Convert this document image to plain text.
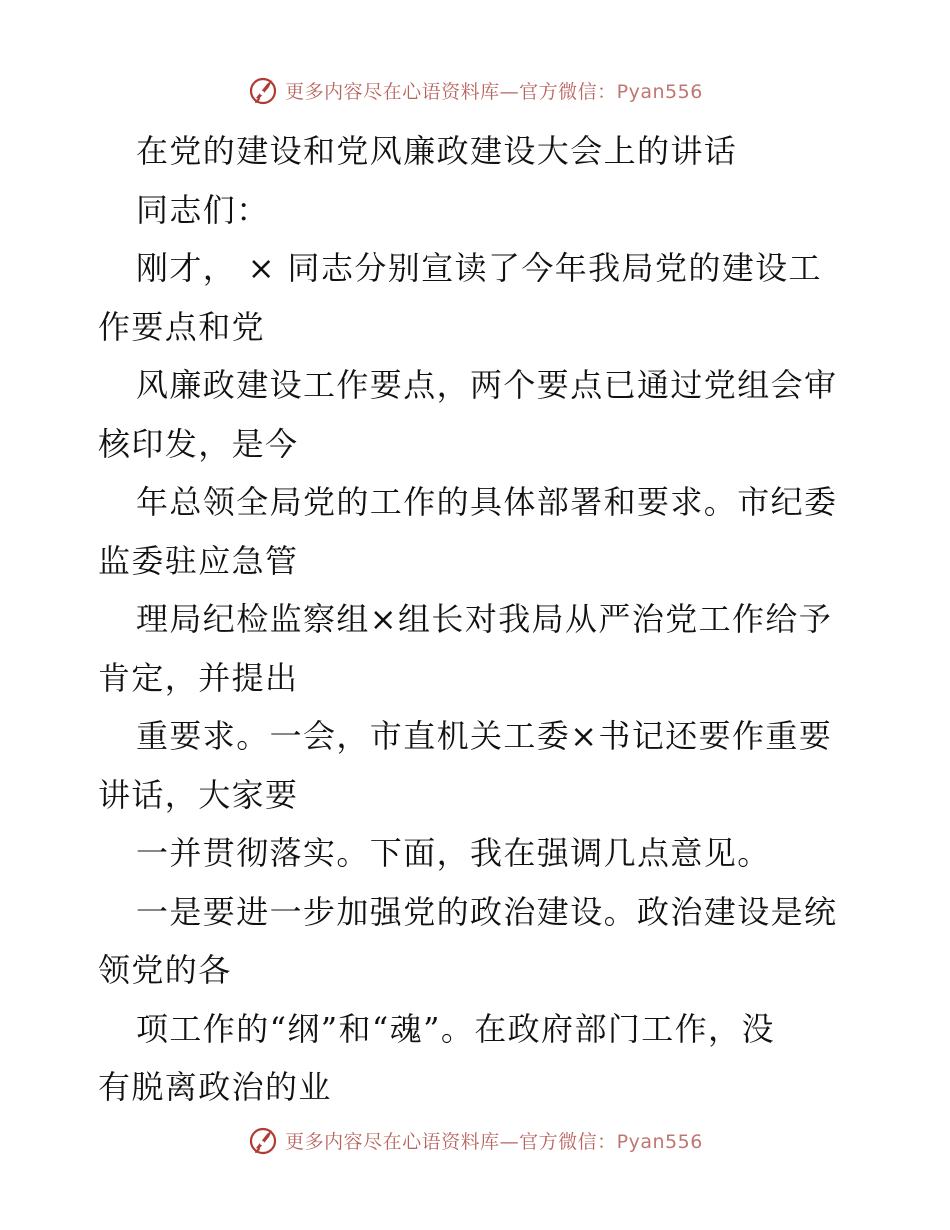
更多内容尽在心语资料库—官方微信：Pyan556
在党的建设和党风廉政建设大会上的讲话
同志们：
刚才， × 同志分别宣读了今年我局党的建设工
作要点和党
风廉政建设工作要点，两个要点已通过党组会审
核印发，是今
年总领全局党的工作的具体部署和要求。市纪委
监委驻应急管
理局纪检监察组×组长对我局从严治党工作给予
肯定，并提出
重要求。一会，市直机关工委×书记还要作重要
讲话，大家要
一并贯彻落实。下面，我在强调几点意见。
一是要进一步加强党的政治建设。政治建设是统
领党的各
项工作的“纲”和“魂”。在政府部门工作，没
有脱离政治的业
更多内容尽在心语资料库—官方微信：Pyan556
